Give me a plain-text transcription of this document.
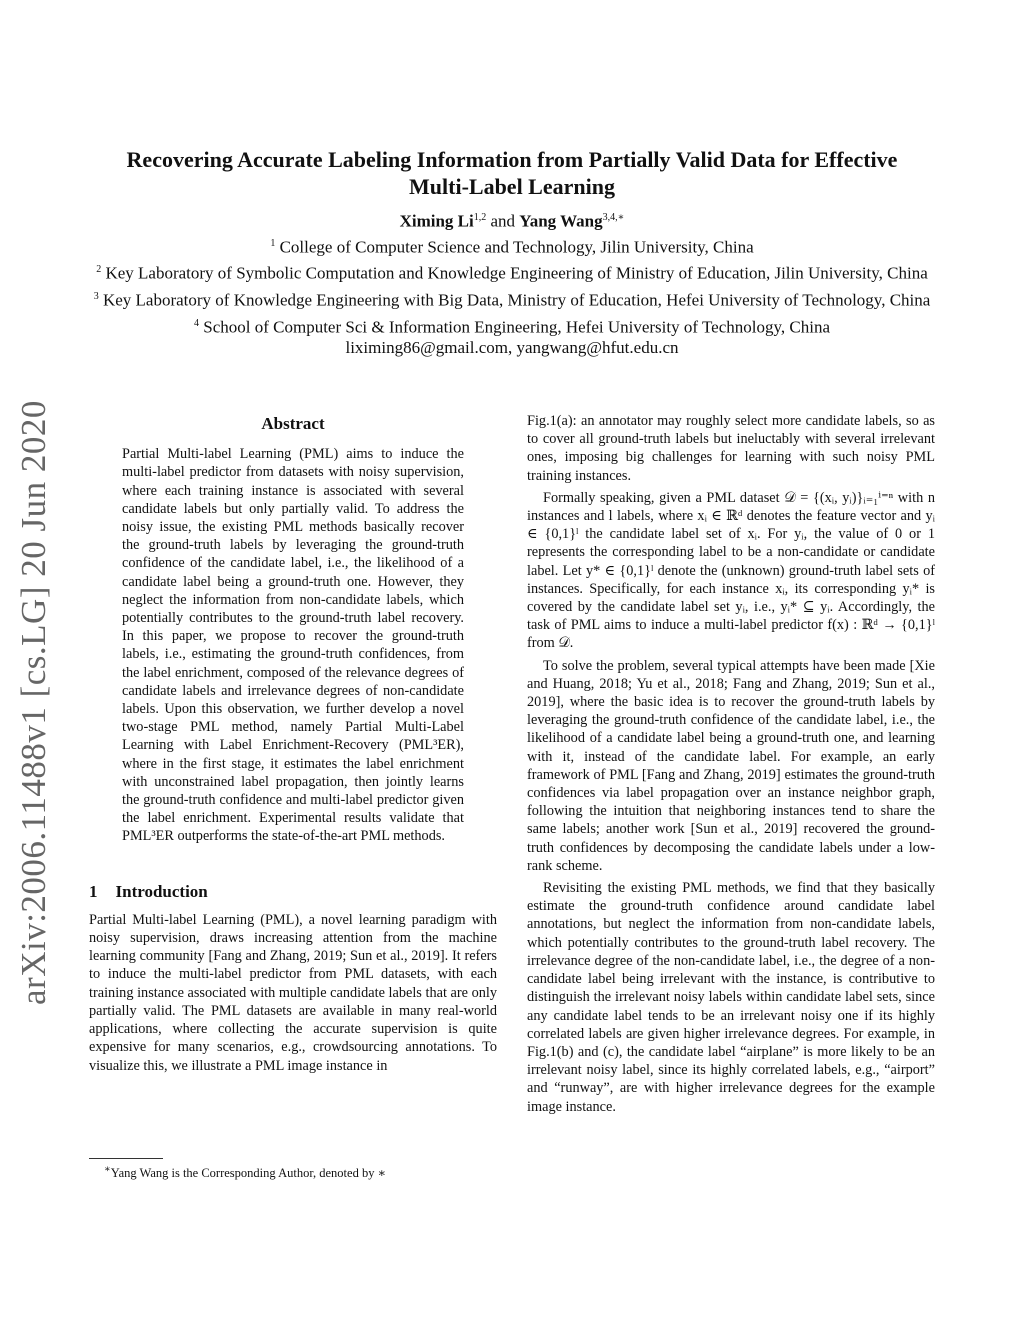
arXiv:2006.11488v1 [cs.LG] 20 Jun 2020
Recovering Accurate Labeling Information from Partially Valid Data for Effective
Multi-Label Learning
Ximing Li$^{1,2}$ and Yang Wang$^{3,4,∗}$
$^1$ College of Computer Science and Technology, Jilin University, China
$^2$ Key Laboratory of Symbolic Computation and Knowledge Engineering of Ministry of Education, Jilin University, China
$^3$ Key Laboratory of Knowledge Engineering with Big Data, Ministry of Education, Hefei University of Technology, China
$^4$ School of Computer Sci & Information Engineering, Hefei University of Technology, China
liximing86@gmail.com, yangwang@hfut.edu.cn
Abstract

Partial Multi-label Learning (PML) aims to induce the multi-label predictor from datasets with noisy supervision, where each training instance is associated with several candidate labels but only partially valid. To address the noisy issue, the existing PML methods basically recover the ground-truth labels by leveraging the ground-truth confidence of the candidate label, i.e., the likelihood of a candidate label being a ground-truth one. However, they neglect the information from non-candidate labels, which potentially contributes to the ground-truth label recovery. In this paper, we propose to recover the ground-truth labels, i.e., estimating the ground-truth confidences, from the label enrichment, composed of the relevance degrees of candidate labels and irrelevance degrees of non-candidate labels. Upon this observation, we further develop a novel two-stage PML method, namely Partial Multi-Label Learning with Label Enrichment-Recovery (PML³ER), where in the first stage, it estimates the label enrichment with unconstrained label propagation, then jointly learns the ground-truth confidence and multi-label predictor given the label enrichment. Experimental results validate that PML³ER outperforms the state-of-the-art PML methods.

1 Introduction

Partial Multi-label Learning (PML), a novel learning paradigm with noisy supervision, draws increasing attention from the machine learning community [Fang and Zhang, 2019; Sun et al., 2019]. It refers to induce the multi-label predictor from PML datasets, with each training instance associated with multiple candidate labels that are only partially valid. The PML datasets are available in many real-world applications, where collecting the accurate supervision is quite expensive for many scenarios, e.g., crowdsourcing annotations. To visualize this, we illustrate a PML image instance in

Fig.1(a): an annotator may roughly select more candidate labels, so as to cover all ground-truth labels but ineluctably with several irrelevant ones, imposing big challenges for learning with such noisy PML training instances.

Formally speaking, given a PML dataset 𝒟 = {(xᵢ, yᵢ)}ᵢ₌₁ⁱ⁼ⁿ with n instances and l labels, where xᵢ ∈ ℝᵈ denotes the feature vector and yᵢ ∈ {0,1}ˡ the candidate label set of xᵢ. For yᵢ, the value of 0 or 1 represents the corresponding label to be a non-candidate or candidate label. Let y* ∈ {0,1}ˡ denote the (unknown) ground-truth label sets of instances. Specifically, for each instance xᵢ, its corresponding yᵢ* is covered by the candidate label set yᵢ, i.e., yᵢ* ⊆ yᵢ. Accordingly, the task of PML aims to induce a multi-label predictor f(x) : ℝᵈ → {0,1}ˡ from 𝒟.

To solve the problem, several typical attempts have been made [Xie and Huang, 2018; Yu et al., 2018; Fang and Zhang, 2019; Sun et al., 2019], where the basic idea is to recover the ground-truth labels by leveraging the ground-truth confidence of the candidate label, i.e., the likelihood of a candidate label being a ground-truth one, and learning with it, instead of the candidate label. For example, an early framework of PML [Fang and Zhang, 2019] estimates the ground-truth confidences via label propagation over an instance neighbor graph, following the intuition that neighboring instances tend to share the same labels; another work [Sun et al., 2019] recovered the ground-truth confidences by decomposing the candidate labels under a low-rank scheme.

Revisiting the existing PML methods, we find that they basically estimate the ground-truth confidence around candidate label annotations, but neglect the information from non-candidate labels, which potentially contributes to the ground-truth label recovery. The irrelevance degree of the non-candidate label, i.e., the degree of a non-candidate label being irrelevant with the instance, is contributive to distinguish the irrelevant noisy labels within candidate label sets, since any candidate label tends to be an irrelevant noisy one if its highly correlated labels are given higher irrelevance degrees. For example, in Fig.1(b) and (c), the candidate label “airplane” is more likely to be an irrelevant noisy label, since its highly correlated labels, e.g., “airport” and “runway”, are with higher irrelevance degrees for the example image instance.

∗Yang Wang is the Corresponding Author, denoted by ∗
